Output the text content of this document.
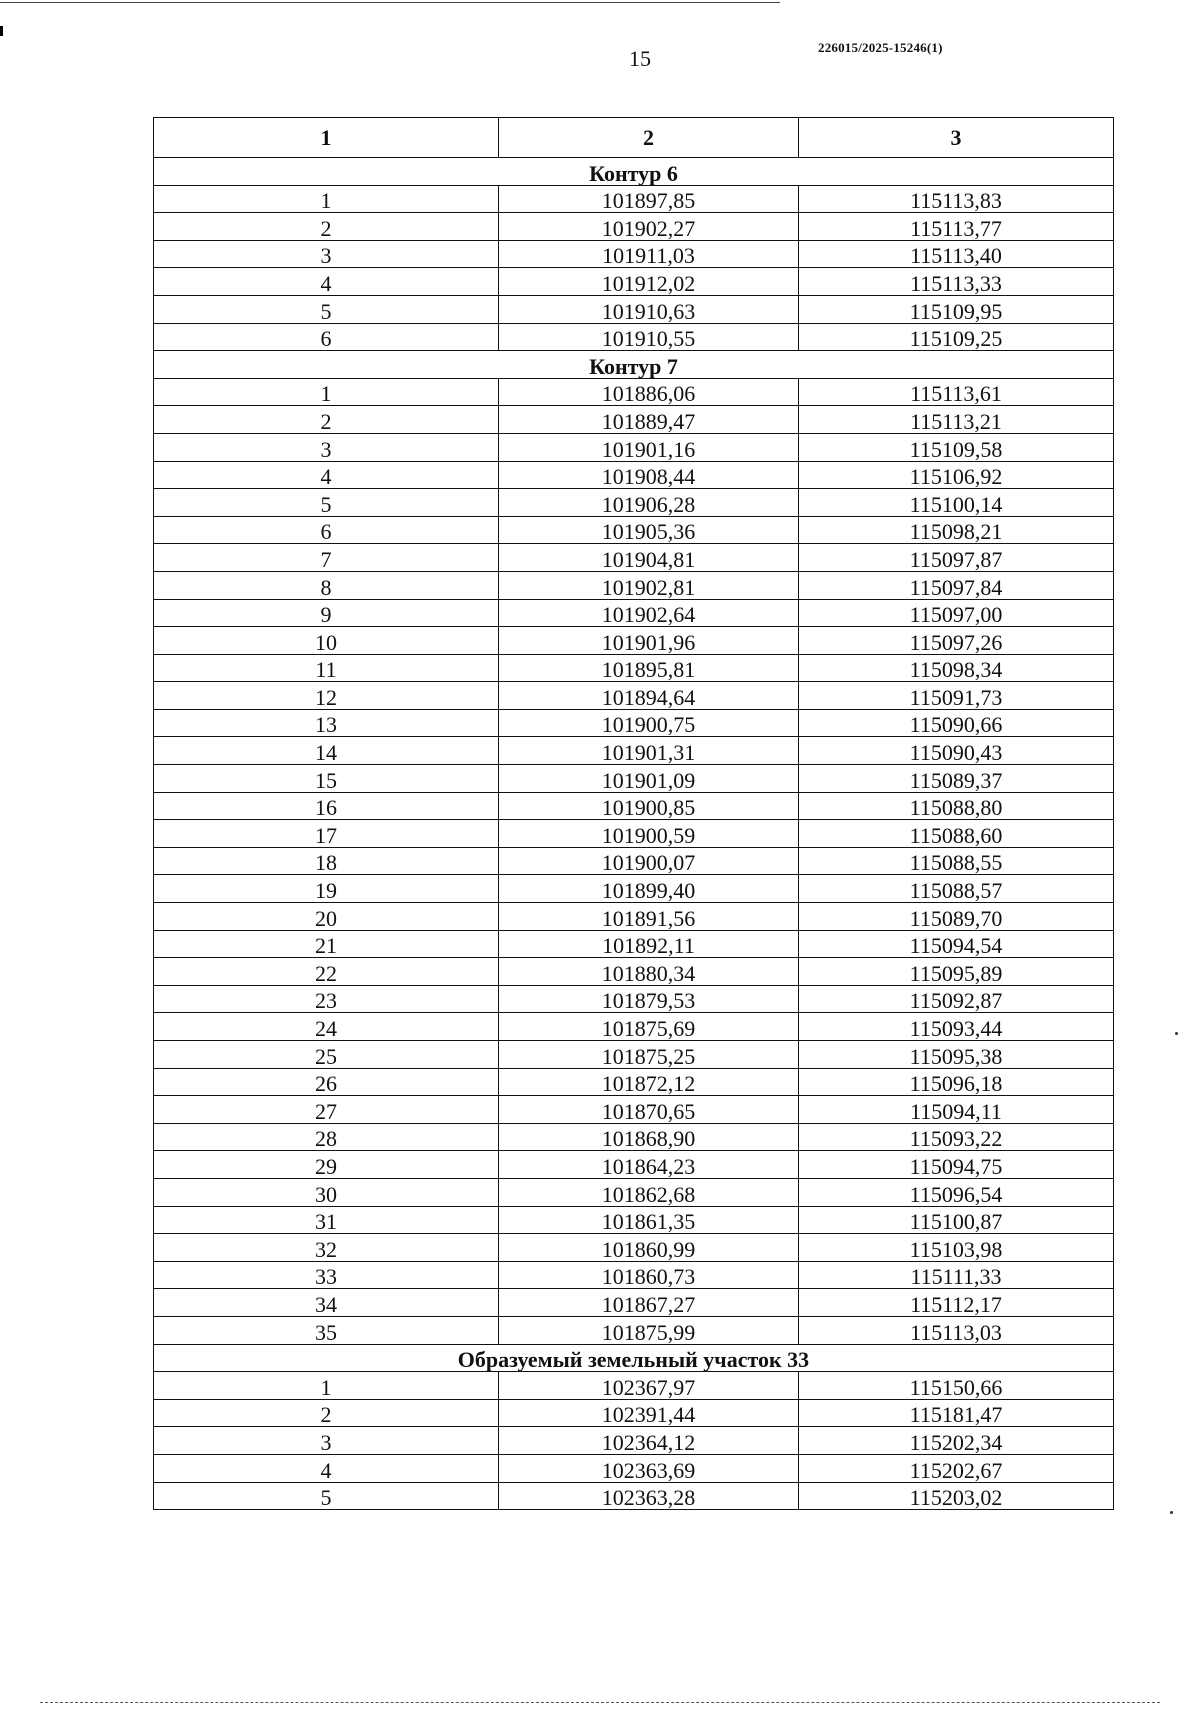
15	226015/2025-15246(1)
1	2	3
Контур 6		
1	101897,85	115113,83
2	101902,27	115113,77
3	101911,03	115113,40
4	101912,02	115113,33
5	101910,63	115109,95
6	101910,55	115109,25
Контур 7		
1	101886,06	115113,61
2	101889,47	115113,21
3	101901,16	115109,58
4	101908,44	115106,92
5	101906,28	115100,14
6	101905,36	115098,21
7	101904,81	115097,87
8	101902,81	115097,84
9	101902,64	115097,00
10	101901,96	115097,26
11	101895,81	115098,34
12	101894,64	115091,73
13	101900,75	115090,66
14	101901,31	115090,43
15	101901,09	115089,37
16	101900,85	115088,80
17	101900,59	115088,60
18	101900,07	115088,55
19	101899,40	115088,57
20	101891,56	115089,70
21	101892,11	115094,54
22	101880,34	115095,89
23	101879,53	115092,87
24	101875,69	115093,44
25	101875,25	115095,38
26	101872,12	115096,18
27	101870,65	115094,11
28	101868,90	115093,22
29	101864,23	115094,75
30	101862,68	115096,54
31	101861,35	115100,87
32	101860,99	115103,98
33	101860,73	115111,33
34	101867,27	115112,17
35	101875,99	115113,03
Образуемый земельный участок 33		
1	102367,97	115150,66
2	102391,44	115181,47
3	102364,12	115202,34
4	102363,69	115202,67
5	102363,28	115203,02
